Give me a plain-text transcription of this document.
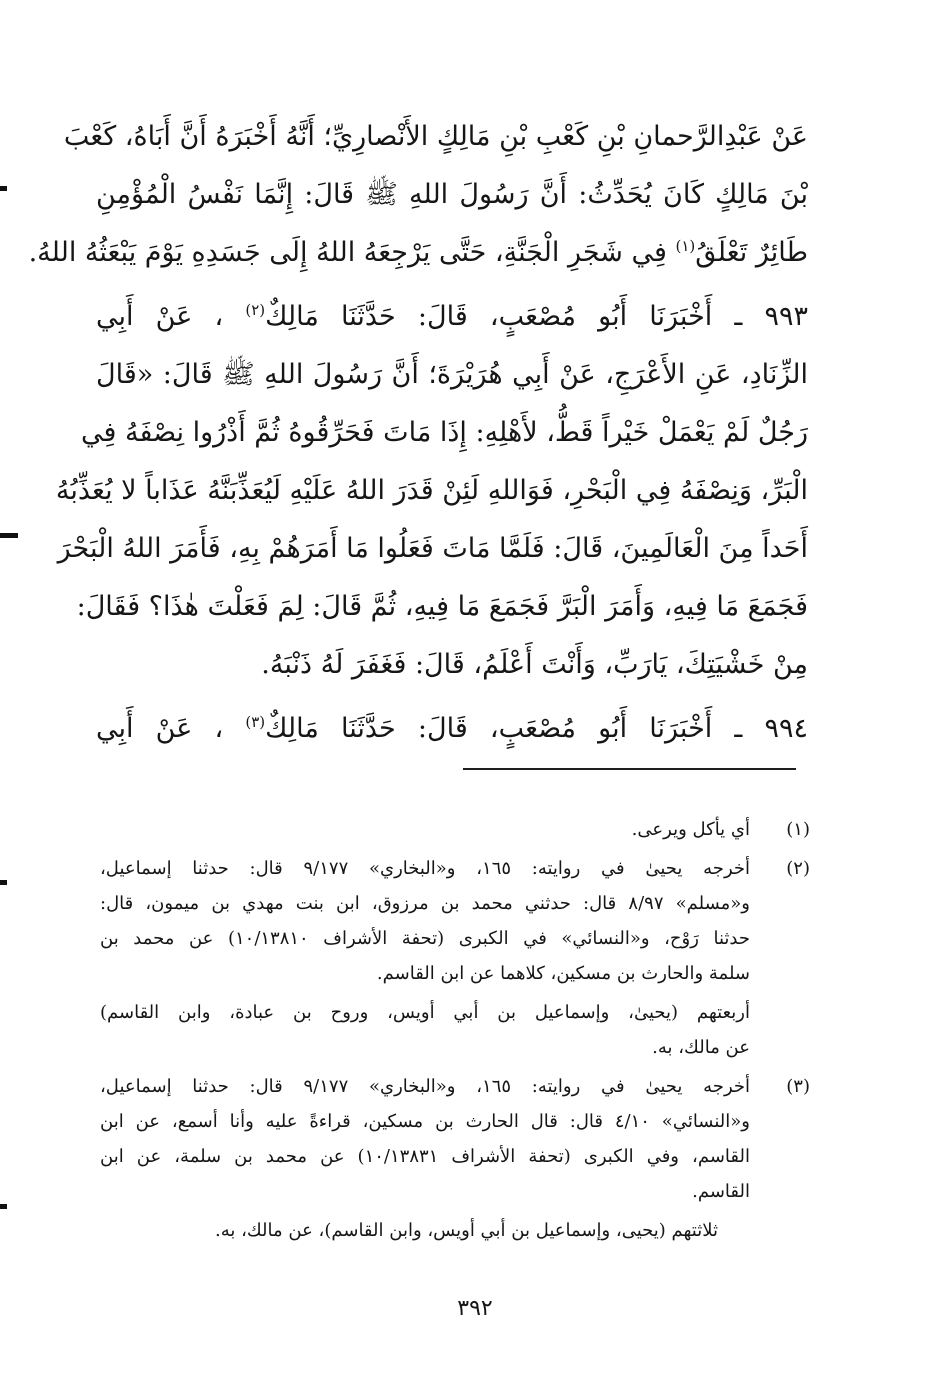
عَنْ عَبْدِالرَّحمانِ بْنِ كَعْبِ بْنِ مَالِكٍ الأَنْصارِيِّ؛ أَنَّهُ أَخْبَرَهُ أَنَّ أَبَاهُ، كَعْبَ
بْنَ مَالِكٍ كَانَ يُحَدِّثُ: أَنَّ رَسُولَ اللهِ ﷺ قَالَ: إِنَّمَا نَفْسُ الْمُؤْمِنِ
طَائِرٌ تَعْلَقُ$^{(١)}$ فِي شَجَرِ الْجَنَّةِ، حَتَّى يَرْجِعَهُ اللهُ إِلَى جَسَدِهِ يَوْمَ يَبْعَثُهُ اللهُ.
٩٩٣ ـ أَخْبَرَنَا أَبُو مُصْعَبٍ، قَالَ: حَدَّثَنَا مَالِكٌ$^{(٢)}$ ، عَنْ أَبِي
الزِّنَادِ، عَنِ الأَعْرَجِ، عَنْ أَبِي هُرَيْرَةَ؛ أَنَّ رَسُولَ اللهِ ﷺ قَالَ: «قَالَ
رَجُلٌ لَمْ يَعْمَلْ خَيْراً قَطُّ، لأَهْلِهِ: إِذَا مَاتَ فَحَرِّقُوهُ ثُمَّ أَذْرُوا نِصْفَهُ فِي
الْبَرِّ، وَنِصْفَهُ فِي الْبَحْرِ، فَوَاللهِ لَئِنْ قَدَرَ اللهُ عَلَيْهِ لَيُعَذِّبَنَّهُ عَذَاباً لا يُعَذِّبُهُ
أَحَداً مِنَ الْعَالَمِينَ، قَالَ: فَلَمَّا مَاتَ فَعَلُوا مَا أَمَرَهُمْ بِهِ، فَأَمَرَ اللهُ الْبَحْرَ
فَجَمَعَ مَا فِيهِ، وَأَمَرَ الْبَرَّ فَجَمَعَ مَا فِيهِ، ثُمَّ قَالَ: لِمَ فَعَلْتَ هٰذَا؟ فَقَالَ:
مِنْ خَشْيَتِكَ، يَارَبِّ، وَأَنْتَ أَعْلَمُ، قَالَ: فَغَفَرَ لَهُ ذَنْبَهُ.
٩٩٤ ـ أَخْبَرَنَا أَبُو مُصْعَبٍ، قَالَ: حَدَّثَنَا مَالِكٌ$^{(٣)}$ ، عَنْ أَبِي
(١)
أي يأكل ويرعى.
(٢)
أخرجه يحيىٰ في روايته: ١٦٥، و«البخاري» ٩/١٧٧ قال: حدثنا إسماعيل،
و«مسلم» ٨/٩٧ قال: حدثني محمد بن مرزوق، ابن بنت مهدي بن ميمون، قال:
حدثنا رَوْح، و«النسائي» في الكبرى (تحفة الأشراف ١٠/١٣٨١٠) عن محمد بن
سلمة والحارث بن مسكين، كلاهما عن ابن القاسم.
أربعتهم (يحيىٰ، وإسماعيل بن أبي أويس، وروح بن عبادة، وابن القاسم)
عن مالك، به.
(٣)
أخرجه يحيىٰ في روايته: ١٦٥، و«البخاري» ٩/١٧٧ قال: حدثنا إسماعيل،
و«النسائي» ٤/١٠ قال: قال الحارث بن مسكين، قراءةً عليه وأنا أسمع، عن ابن
القاسم، وفي الكبرى (تحفة الأشراف ١٠/١٣٨٣١) عن محمد بن سلمة، عن ابن
القاسم.
ثلاثتهم (يحيى، وإسماعيل بن أبي أويس، وابن القاسم)، عن مالك، به.
٣٩٢
